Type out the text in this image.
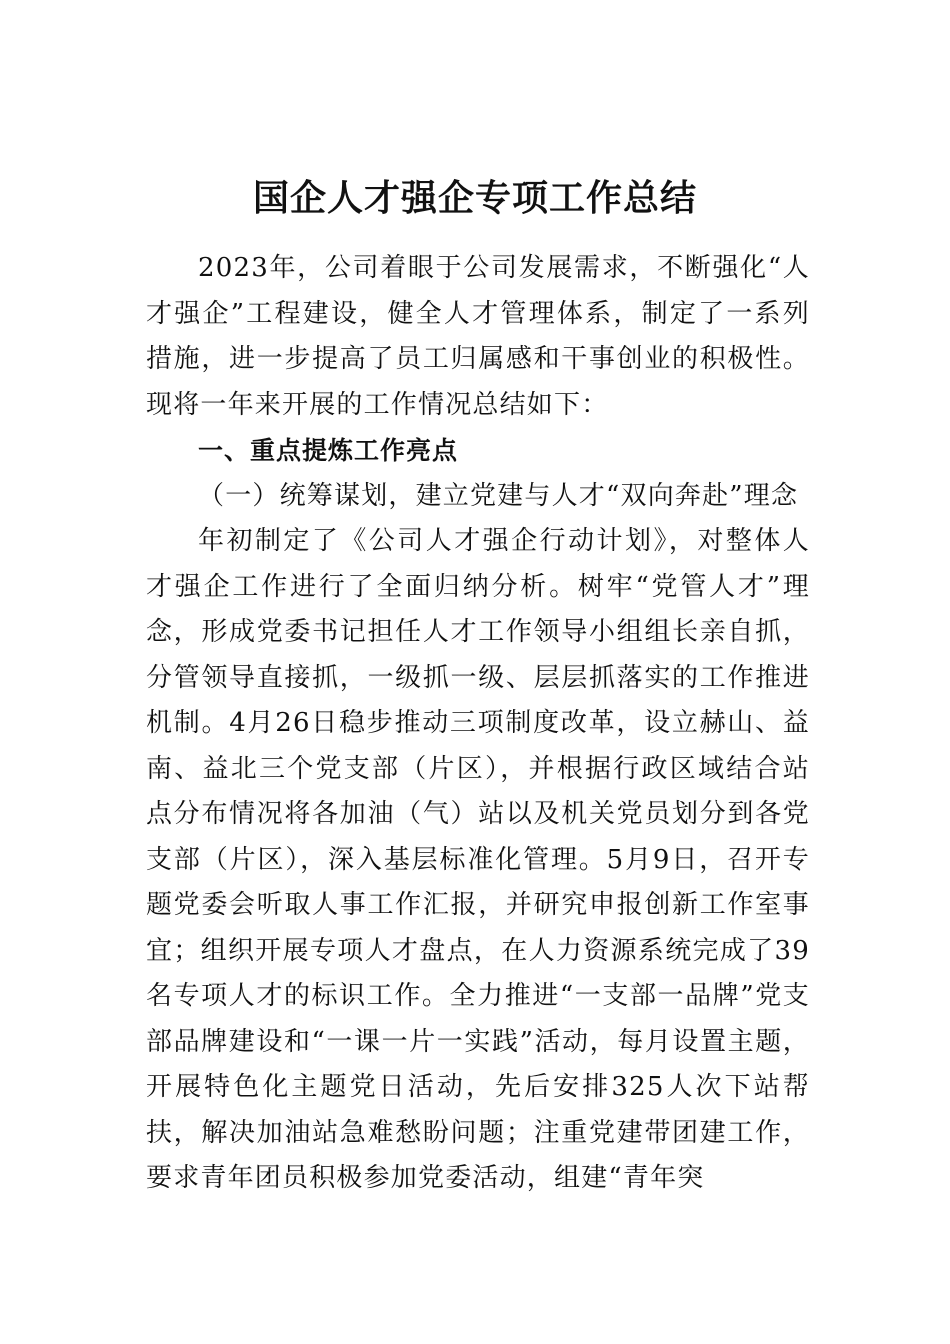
国企人才强企专项工作总结

2023年，公司着眼于公司发展需求，不断强化“人才强企”工程建设，健全人才管理体系，制定了一系列措施，进一步提高了员工归属感和干事创业的积极性。现将一年来开展的工作情况总结如下：

一、重点提炼工作亮点

（一）统筹谋划，建立党建与人才“双向奔赴”理念

年初制定了《公司人才强企行动计划》，对整体人才强企工作进行了全面归纳分析。树牢“党管人才”理念，形成党委书记担任人才工作领导小组组长亲自抓，分管领导直接抓，一级抓一级、层层抓落实的工作推进机制。4月26日稳步推动三项制度改革，设立赫山、益南、益北三个党支部（片区），并根据行政区域结合站点分布情况将各加油（气）站以及机关党员划分到各党支部（片区），深入基层标准化管理。5月9日，召开专题党委会听取人事工作汇报，并研究申报创新工作室事宜；组织开展专项人才盘点，在人力资源系统完成了39名专项人才的标识工作。全力推进“一支部一品牌”党支部品牌建设和“一课一片一实践”活动，每月设置主题，开展特色化主题党日活动，先后安排325人次下站帮扶，解决加油站急难愁盼问题；注重党建带团建工作，要求青年团员积极参加党委活动，组建“青年突
